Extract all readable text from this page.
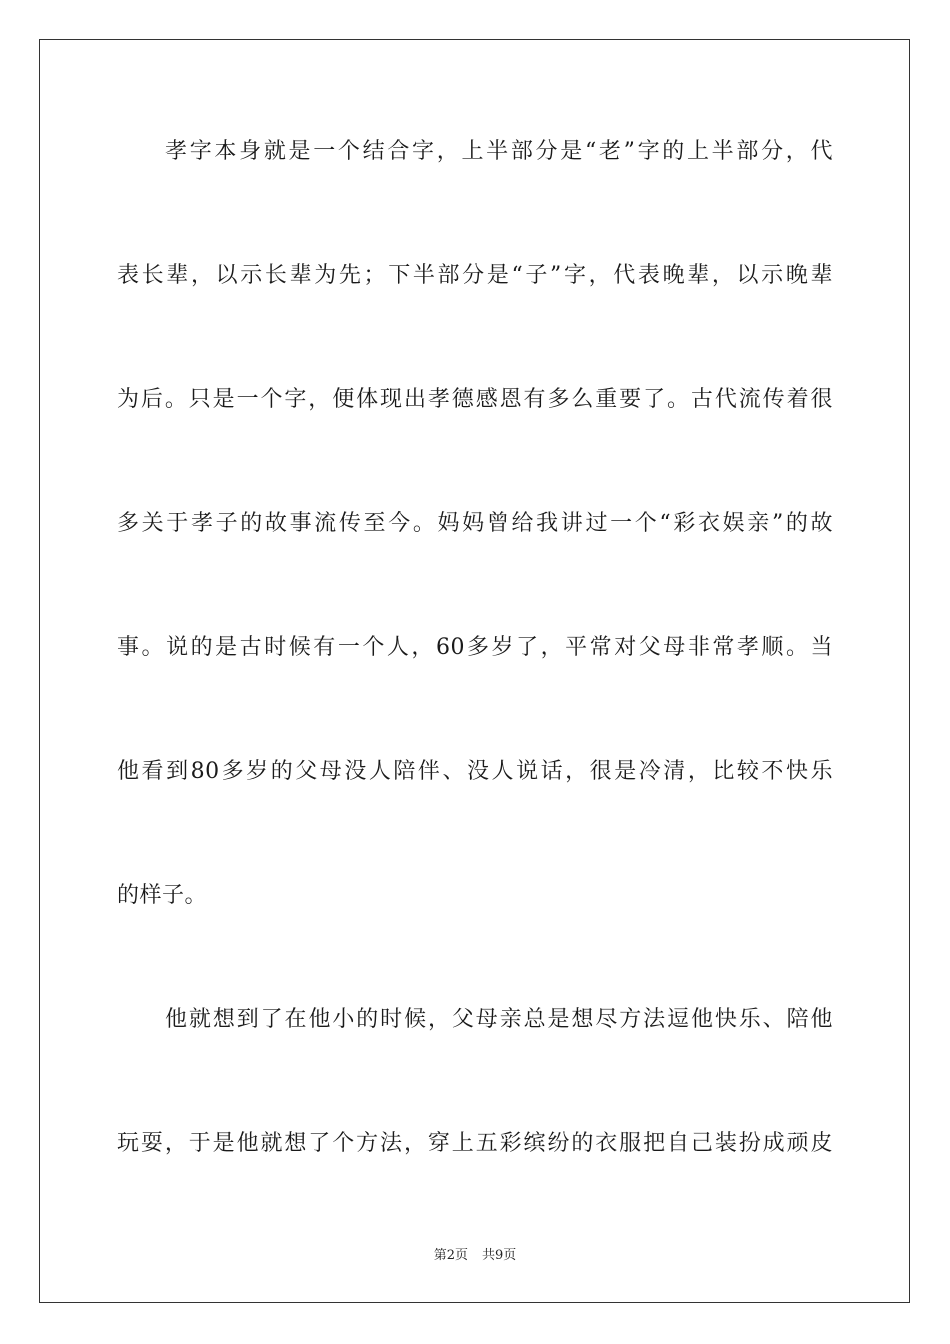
孝字本身就是一个结合字，上半部分是“老”字的上半部分，代
表长辈，以示长辈为先；下半部分是“子”字，代表晚辈，以示晚辈
为后。只是一个字，便体现出孝德感恩有多么重要了。古代流传着很
多关于孝子的故事流传至今。妈妈曾给我讲过一个“彩衣娱亲”的故
事。说的是古时候有一个人，60多岁了，平常对父母非常孝顺。当
他看到80多岁的父母没人陪伴、没人说话，很是冷清，比较不快乐
的样子。
他就想到了在他小的时候，父母亲总是想尽方法逗他快乐、陪他
玩耍，于是他就想了个方法，穿上五彩缤纷的衣服把自己装扮成顽皮
第2页 共9页
